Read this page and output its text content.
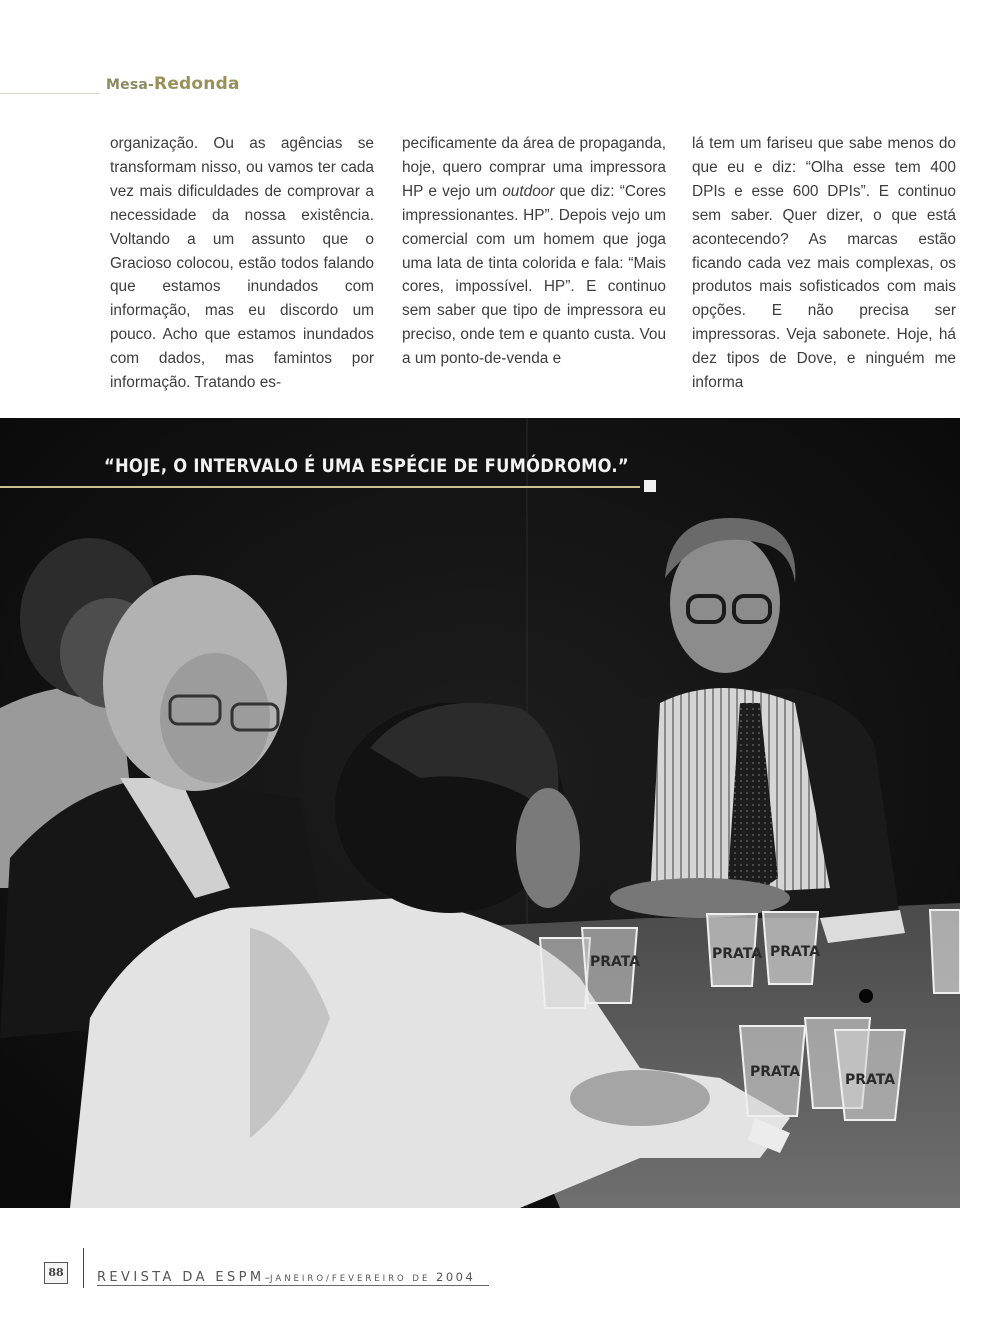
Mesa-Redonda

organização. Ou as agências se transformam nisso, ou vamos ter cada vez mais dificuldades de comprovar a necessidade da nossa existência. Voltando a um assunto que o Gracioso colocou, estão todos falando que estamos inundados com informação, mas eu discordo um pouco. Acho que estamos inundados com dados, mas famintos por informação. Tratando es-

pecificamente da área de propaganda, hoje, quero comprar uma impressora HP e vejo um outdoor que diz: “Cores impressionantes. HP”. Depois vejo um comercial com um homem que joga uma lata de tinta colorida e fala: “Mais cores, impossível. HP”. E continuo sem saber que tipo de impressora eu preciso, onde tem e quanto custa. Vou a um ponto-de-venda e

lá tem um fariseu que sabe menos do que eu e diz: “Olha esse tem 400 DPIs e esse 600 DPIs”. E continuo sem saber. Quer dizer, o que está acontecendo? As marcas estão ficando cada vez mais complexas, os produtos mais sofisticados com mais opções. E não precisa ser impressoras. Veja sabonete. Hoje, há dez tipos de Dove, e ninguém me informa

PRATA PRATA
PRATA
PRATA	PRATA
“HOJE, O INTERVALO É UMA ESPÉCIE DE FUMÓDROMO.”
88	REVISTA DA ESPM–JANEIRO/FEVEREIRO DE 2004
